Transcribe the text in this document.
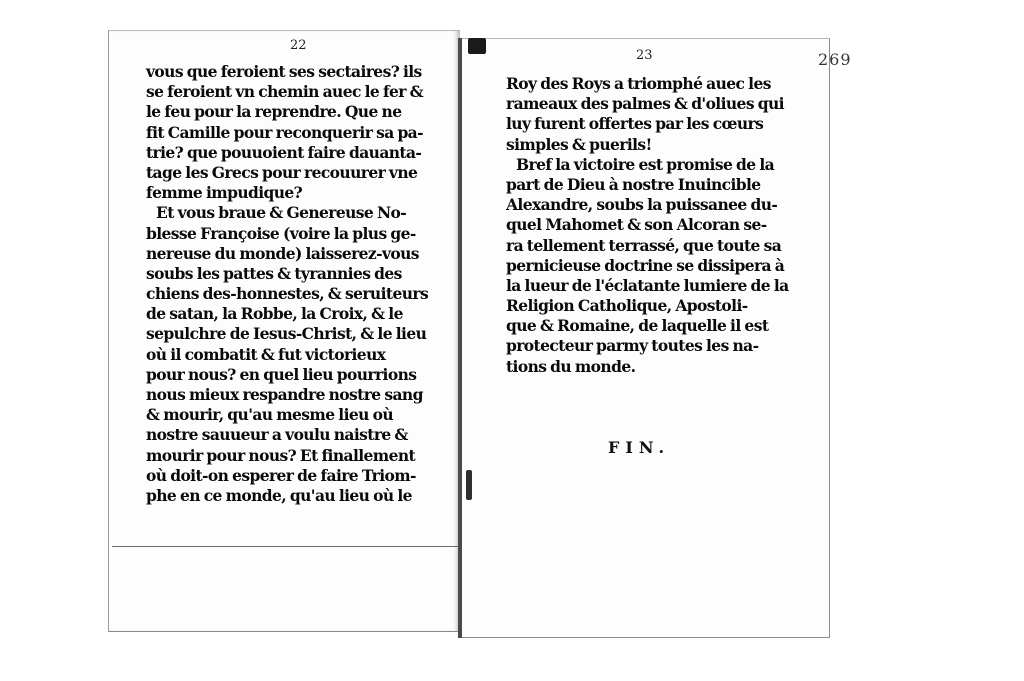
22
23	269
vous que feroient ses sectaires? ils
se feroient vn chemin auec le fer &
le feu pour la reprendre. Que ne
fit Camille pour reconquerir sa pa-
trie? que pouuoient faire dauanta-
tage les Grecs pour recouurer vne
femme impudique?
Et vous braue & Genereuse No-
blesse Françoise (voire la plus ge-
nereuse du monde) laisserez-vous
soubs les pattes & tyrannies des
chiens des-honnestes, & seruiteurs
de satan, la Robbe, la Croix, & le
sepulchre de Iesus-Christ, & le lieu
où il combatit & fut victorieux
pour nous? en quel lieu pourrions
nous mieux respandre nostre sang
& mourir, qu'au mesme lieu où
nostre sauueur a voulu naistre &
mourir pour nous? Et finallement
où doit-on esperer de faire Triom-
phe en ce monde, qu'au lieu où le
Roy des Roys a triomphé auec les
rameaux des palmes & d'oliues qui
luy furent offertes par les cœurs
simples & puerils!
Bref la victoire est promise de la
part de Dieu à nostre Inuincible
Alexandre, soubs la puissanee du-
quel Mahomet & son Alcoran se-
ra tellement terrassé, que toute sa
pernicieuse doctrine se dissipera à
la lueur de l'éclatante lumiere de la
Religion Catholique, Apostoli-
que & Romaine, de laquelle il est
protecteur parmy toutes les na-
tions du monde.
FIN.
